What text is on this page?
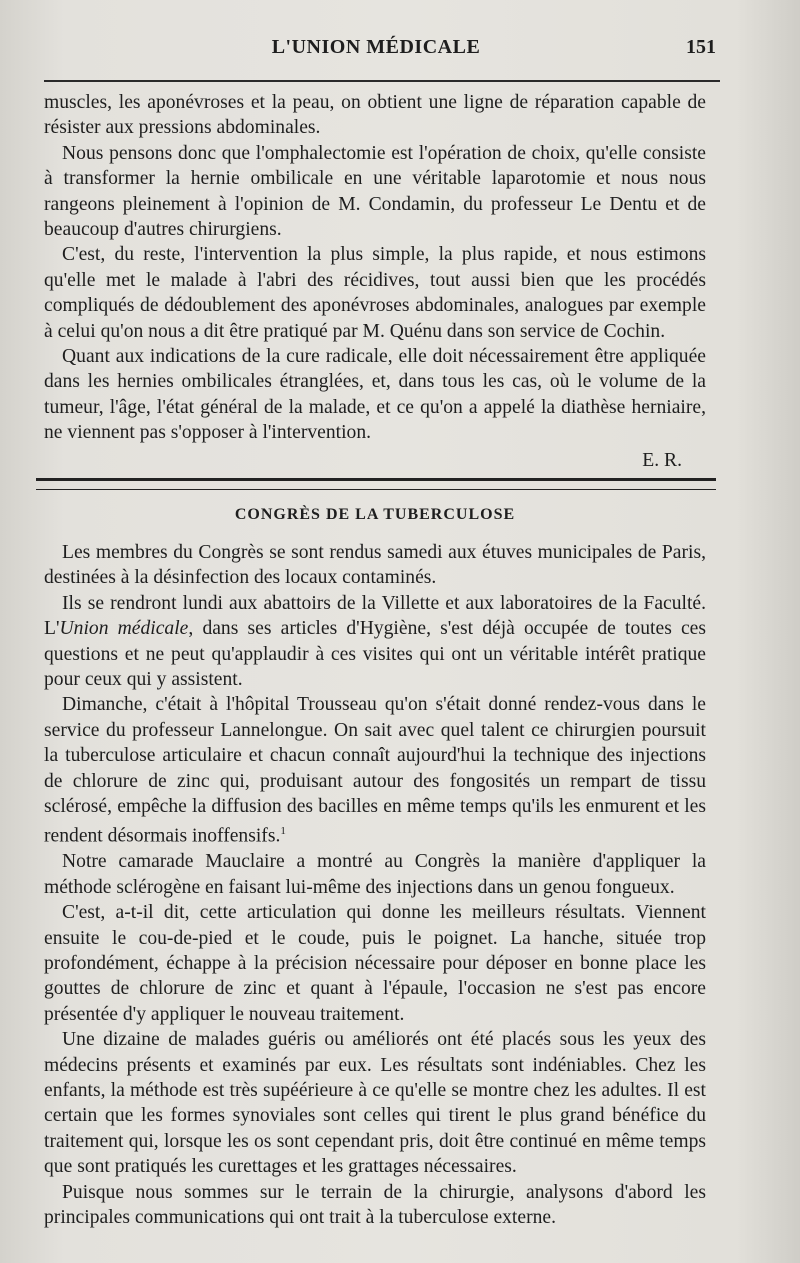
L'UNION MÉDICALE	151

muscles, les aponévroses et la peau, on obtient une ligne de réparation capable de résister aux pressions abdominales.

Nous pensons donc que l'omphalectomie est l'opération de choix, qu'elle consiste à transformer la hernie ombilicale en une véritable laparotomie et nous nous rangeons pleinement à l'opinion de M. Condamin, du professeur Le Dentu et de beaucoup d'autres chirurgiens.

C'est, du reste, l'intervention la plus simple, la plus rapide, et nous estimons qu'elle met le malade à l'abri des récidives, tout aussi bien que les procédés compliqués de dédoublement des aponévroses abdominales, analogues par exemple à celui qu'on nous a dit être pratiqué par M. Quénu dans son service de Cochin.

Quant aux indications de la cure radicale, elle doit nécessairement être appliquée dans les hernies ombilicales étranglées, et, dans tous les cas, où le volume de la tumeur, l'âge, l'état général de la malade, et ce qu'on a appelé la diathèse herniaire, ne viennent pas s'opposer à l'intervention.

E. R.
CONGRÈS DE LA TUBERCULOSE

Les membres du Congrès se sont rendus samedi aux étuves municipales de Paris, destinées à la désinfection des locaux contaminés.

Ils se rendront lundi aux abattoirs de la Villette et aux laboratoires de la Faculté. L'Union médicale, dans ses articles d'Hygiène, s'est déjà occupée de toutes ces questions et ne peut qu'applaudir à ces visites qui ont un véritable intérêt pratique pour ceux qui y assistent.

Dimanche, c'était à l'hôpital Trousseau qu'on s'était donné rendez-vous dans le service du professeur Lannelongue. On sait avec quel talent ce chirurgien poursuit la tuberculose articulaire et chacun connaît aujourd'hui la technique des injections de chlorure de zinc qui, produisant autour des fongosités un rempart de tissu sclérosé, empêche la diffusion des bacilles en même temps qu'ils les enmurent et les rendent désormais inoffensifs.$^1$

Notre camarade Mauclaire a montré au Congrès la manière d'appliquer la méthode sclérogène en faisant lui-même des injections dans un genou fongueux.

C'est, a-t-il dit, cette articulation qui donne les meilleurs résultats. Viennent ensuite le cou-de-pied et le coude, puis le poignet. La hanche, située trop profondément, échappe à la précision nécessaire pour déposer en bonne place les gouttes de chlorure de zinc et quant à l'épaule, l'occasion ne s'est pas encore présentée d'y appliquer le nouveau traitement.

Une dizaine de malades guéris ou améliorés ont été placés sous les yeux des médecins présents et examinés par eux. Les résultats sont indéniables. Chez les enfants, la méthode est très supéérieure à ce qu'elle se montre chez les adultes. Il est certain que les formes synoviales sont celles qui tirent le plus grand bénéfice du traitement qui, lorsque les os sont cependant pris, doit être continué en même temps que sont pratiqués les curettages et les grattages nécessaires.

Puisque nous sommes sur le terrain de la chirurgie, analysons d'abord les principales communications qui ont trait à la tuberculose externe.
